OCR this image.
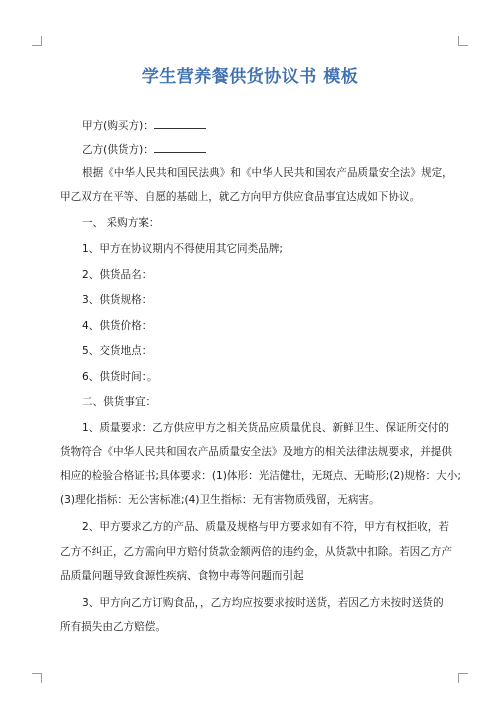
学生营养餐供货协议书 模板
甲方(购买方)：
乙方(供货方)：
根据《中华人民共和国民法典》和《中华人民共和国农产品质量安全法》规定，
甲乙双方在平等、自愿的基础上，就乙方向甲方供应食品事宜达成如下协议。
一、 采购方案：
1、甲方在协议期内不得使用其它同类品牌;
2、供货品名：
3、供货规格：
4、供货价格：
5、交货地点：
6、供货时间：。
二、供货事宜：
1、质量要求：乙方供应甲方之相关货品应质量优良、新鲜卫生、保证所交付的
货物符合《中华人民共和国农产品质量安全法》及地方的相关法律法规要求，并提供
相应的检验合格证书;具体要求：(1)体形：光洁健壮，无斑点、无畸形;(2)规格：大小;
(3)理化指标：无公害标准;(4)卫生指标：无有害物质残留，无病害。
2、甲方要求乙方的产品、质量及规格与甲方要求如有不符，甲方有权拒收，若
乙方不纠正，乙方需向甲方赔付货款金额两倍的违约金，从货款中扣除。若因乙方产
品质量问题导致食源性疾病、食物中毒等问题而引起
3、甲方向乙方订购食品，，乙方均应按要求按时送货，若因乙方未按时送货的
所有损失由乙方赔偿。
